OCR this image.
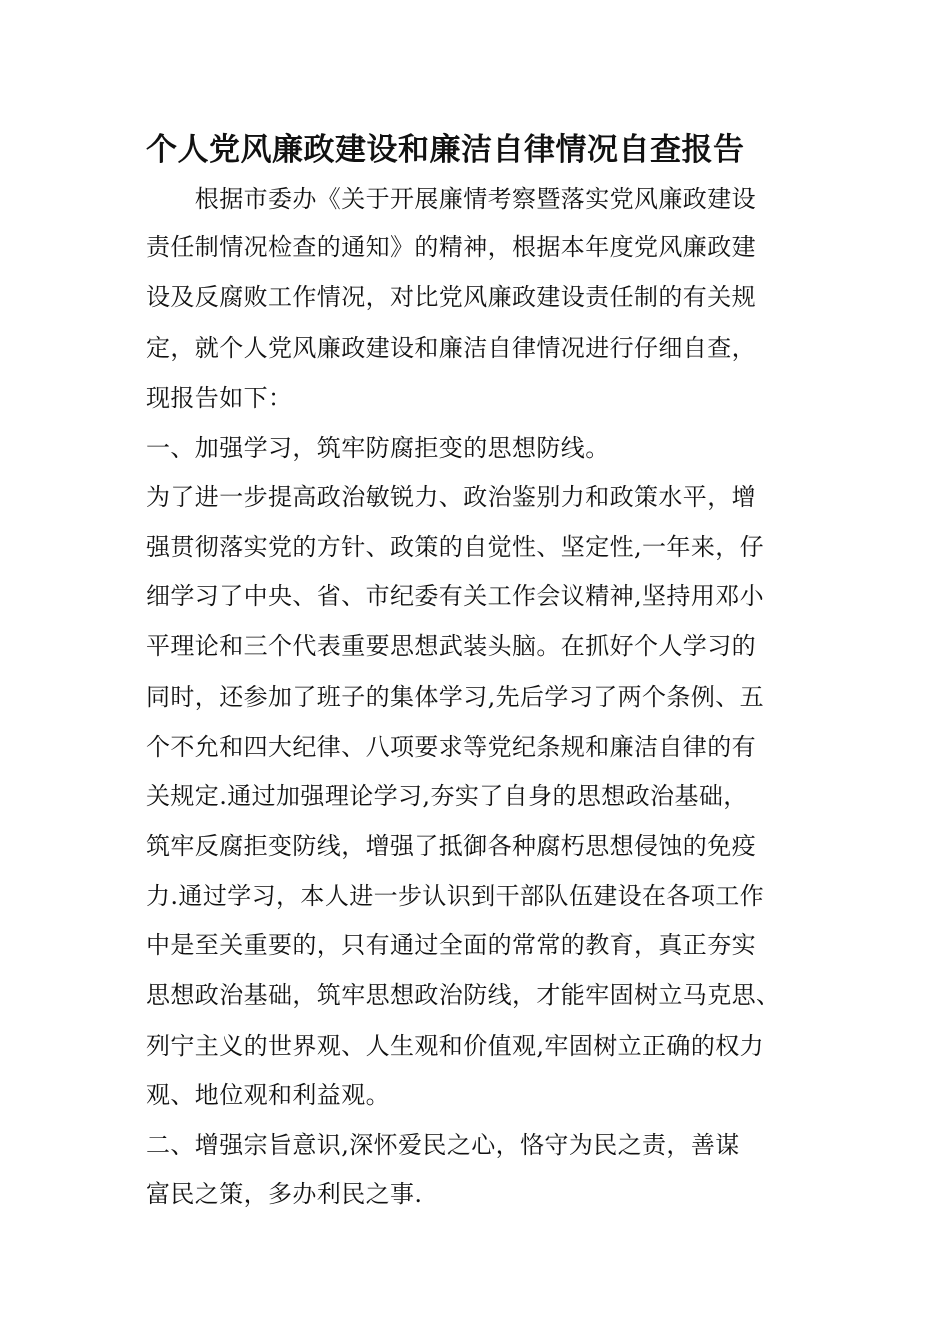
个人党风廉政建设和廉洁自律情况自查报告
　　根据市委办《关于开展廉情考察暨落实党风廉政建设
责任制情况检查的通知》的精神，根据本年度党风廉政建
设及反腐败工作情况，对比党风廉政建设责任制的有关规
定，就个人党风廉政建设和廉洁自律情况进行仔细自查，
现报告如下：
一、加强学习，筑牢防腐拒变的思想防线。
为了进一步提高政治敏锐力、政治鉴别力和政策水平，增
强贯彻落实党的方针、政策的自觉性、坚定性,一年来，仔
细学习了中央、省、市纪委有关工作会议精神,坚持用邓小
平理论和三个代表重要思想武装头脑。在抓好个人学习的
同时，还参加了班子的集体学习,先后学习了两个条例、五
个不允和四大纪律、八项要求等党纪条规和廉洁自律的有
关规定.通过加强理论学习,夯实了自身的思想政治基础，
筑牢反腐拒变防线，增强了抵御各种腐朽思想侵蚀的免疫
力.通过学习，本人进一步认识到干部队伍建设在各项工作
中是至关重要的，只有通过全面的常常的教育，真正夯实
思想政治基础，筑牢思想政治防线，才能牢固树立马克思、
列宁主义的世界观、人生观和价值观,牢固树立正确的权力
观、地位观和利益观。
二、增强宗旨意识,深怀爱民之心，恪守为民之责，善谋
富民之策，多办利民之事.
